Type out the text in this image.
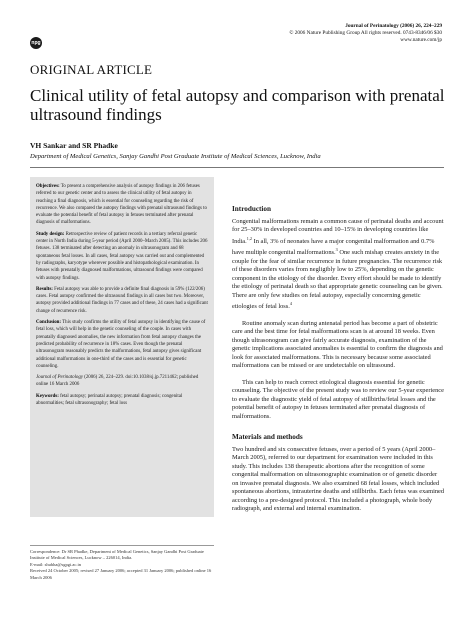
npg
Journal of Perinatology (2006) 26, 224–229
© 2006 Nature Publishing Group All rights reserved. 0743-8346/06 $30
www.nature.com/jp
ORIGINAL ARTICLE
Clinical utility of fetal autopsy and comparison with prenatal ultrasound findings
VH Sankar and SR Phadke
Department of Medical Genetics, Sanjay Gandhi Post Graduate Institute of Medical Sciences, Lucknow, India

Objectives: To present a comprehensive analysis of autopsy findings in 206 fetuses referred to our genetic center and to assess the clinical utility of fetal autopsy in reaching a final diagnosis, which is essential for counseling regarding the risk of recurrence. We also compared the autopsy findings with prenatal ultrasound findings to evaluate the potential benefit of fetal autopsy in fetuses terminated after prenatal diagnosis of malformations.

Study design: Retrospective review of patient records in a tertiary referral genetic center in North India during 5-year period (April 2000–March 2005). This includes 206 fetuses. 138 terminated after detecting an anomaly in ultrasonogram and 68 spontaneous fetal losses. In all cases, fetal autopsy was carried out and complemented by radiographs, karyotype wherever possible and histopathological examination. In fetuses with prenatally diagnosed malformations, ultrasound findings were compared with autopsy findings.

Results: Fetal autopsy was able to provide a definite final diagnosis in 59% (122/206) cases. Fetal autopsy confirmed the ultrasound findings in all cases but two. Moreover, autopsy provided additional findings in 77 cases and of these, 24 cases had a significant change of recurrence risk.

Conclusion: This study confirms the utility of fetal autopsy in identifying the cause of fetal loss, which will help in the genetic counseling of the couple. In cases with prenatally diagnosed anomalies, the new information from fetal autopsy changes the predicted probability of recurrence in 18% cases. Even though the prenatal ultrasonogram reasonably predicts the malformations, fetal autopsy gives significant additional malformations in one-third of the cases and is essential for genetic counseling.

Journal of Perinatology (2006) 26, 224–229. doi:10.1038/sj.jp.7211462; published online 16 March 2006

Keywords: fetal autopsy; perinatal autopsy; prenatal diagnosis; congenital abnormalities; fetal ultrasonography; fetal loss

Correspondence: Dr SR Phadke, Department of Medical Genetics, Sanjay Gandhi Post Graduate Institute of Medical Sciences, Lucknow – 226014, India.
E-mail: shubha@sgpgi.ac.in
Received 24 October 2005; revised 27 January 2006; accepted 31 January 2006; published online 16 March 2006
Introduction

Congenital malformations remain a common cause of perinatal deaths and account for 25–30% in developed countries and 10–15% in developing countries like India.$^{1,2}$ In all, 3% of neonates have a major congenital malformation and 0.7% have multiple congenital malformations.$^3$ One such mishap creates anxiety in the couple for the fear of similar recurrence in future pregnancies. The recurrence risk of these disorders varies from negligibly low to 25%, depending on the genetic component in the etiology of the disorder. Every effort should be made to identify the etiology of perinatal death so that appropriate genetic counseling can be given. There are only few studies on fetal autopsy, especially concerning genetic etiologies of fetal loss.$^4$

Routine anomaly scan during antenatal period has become a part of obstetric care and the best time for fetal malformations scan is at around 18 weeks. Even though ultrasonogram can give fairly accurate diagnosis, examination of the genetic implications associated anomalies is essential to confirm the diagnosis and look for associated malformations. This is necessary because some associated malformations can be missed or are undetectable on ultrasound.

This can help to reach correct etiological diagnosis essential for genetic counseling. The objective of the present study was to review our 5-year experience to evaluate the diagnostic yield of fetal autopsy of stillbirths/fetal losses and the potential benefit of autopsy in fetuses terminated after prenatal diagnosis of malformations.

Materials and methods

Two hundred and six consecutive fetuses, over a period of 5 years (April 2000–March 2005), referred to our department for examination were included in this study. This includes 138 therapeutic abortions after the recognition of some congenital malformation on ultrasonographic examination or of genetic disorder on invasive prenatal diagnosis. We also examined 68 fetal losses, which included spontaneous abortions, intrauterine deaths and stillbirths. Each fetus was examined according to a pre-designed protocol. This included a photograph, whole body radiograph, and external and internal examination.
